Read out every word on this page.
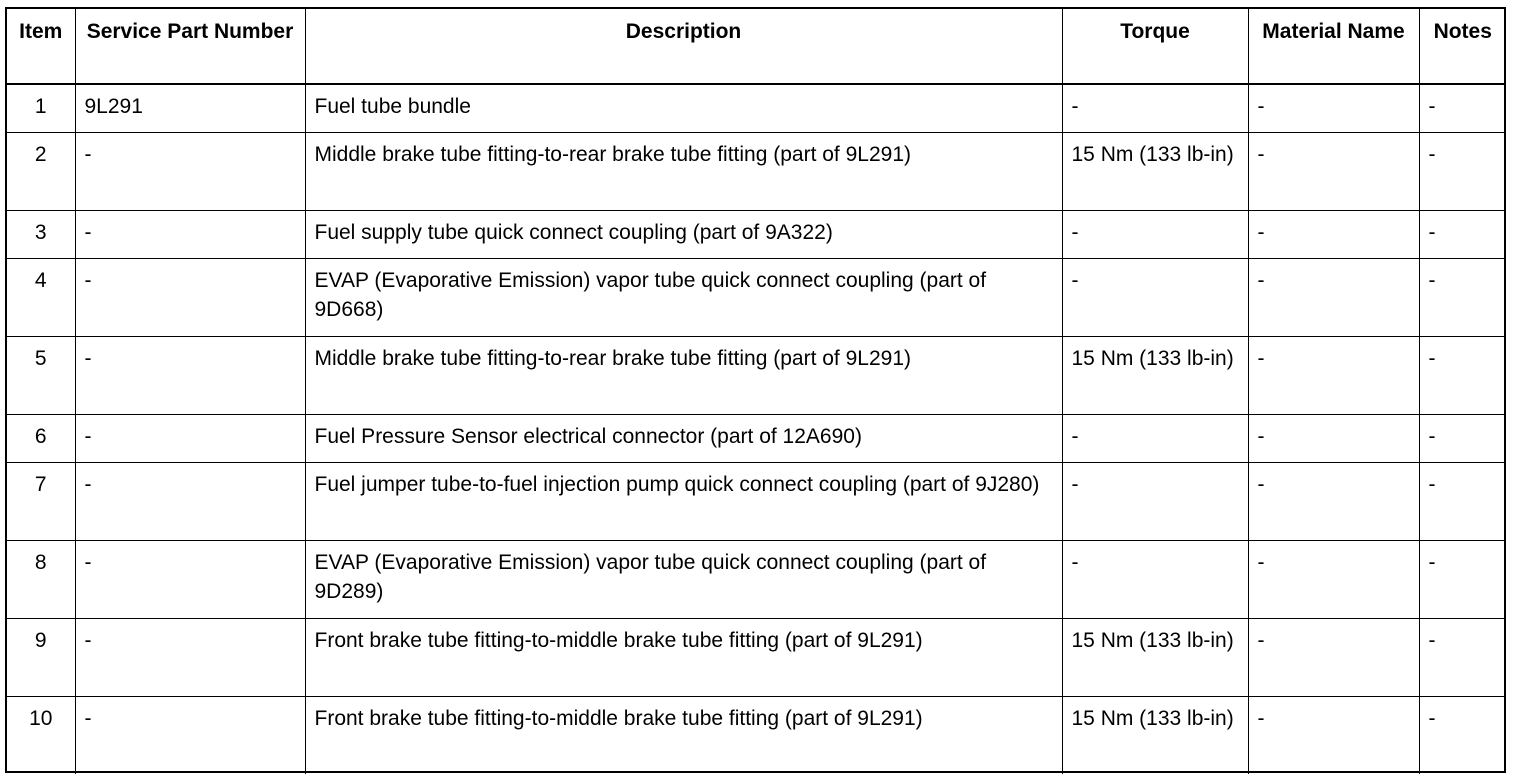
Item	Service Part Number	Description	Torque	Material Name	Notes
1	9L291	Fuel tube bundle	-	-	-
2	-	Middle brake tube fitting-to-rear brake tube fitting (part of 9L291)	15 Nm (133 lb-in)	-	-
3	-	Fuel supply tube quick connect coupling (part of 9A322)	-	-	-
4	-	EVAP (Evaporative Emission) vapor tube quick connect coupling (part of 9D668)	-	-	-
5	-	Middle brake tube fitting-to-rear brake tube fitting (part of 9L291)	15 Nm (133 lb-in)	-	-
6	-	Fuel Pressure Sensor electrical connector (part of 12A690)	-	-	-
7	-	Fuel jumper tube-to-fuel injection pump quick connect coupling (part of 9J280)	-	-	-
8	-	EVAP (Evaporative Emission) vapor tube quick connect coupling (part of 9D289)	-	-	-
9	-	Front brake tube fitting-to-middle brake tube fitting (part of 9L291)	15 Nm (133 lb-in)	-	-
10	-	Front brake tube fitting-to-middle brake tube fitting (part of 9L291)	15 Nm (133 lb-in)	-	-
